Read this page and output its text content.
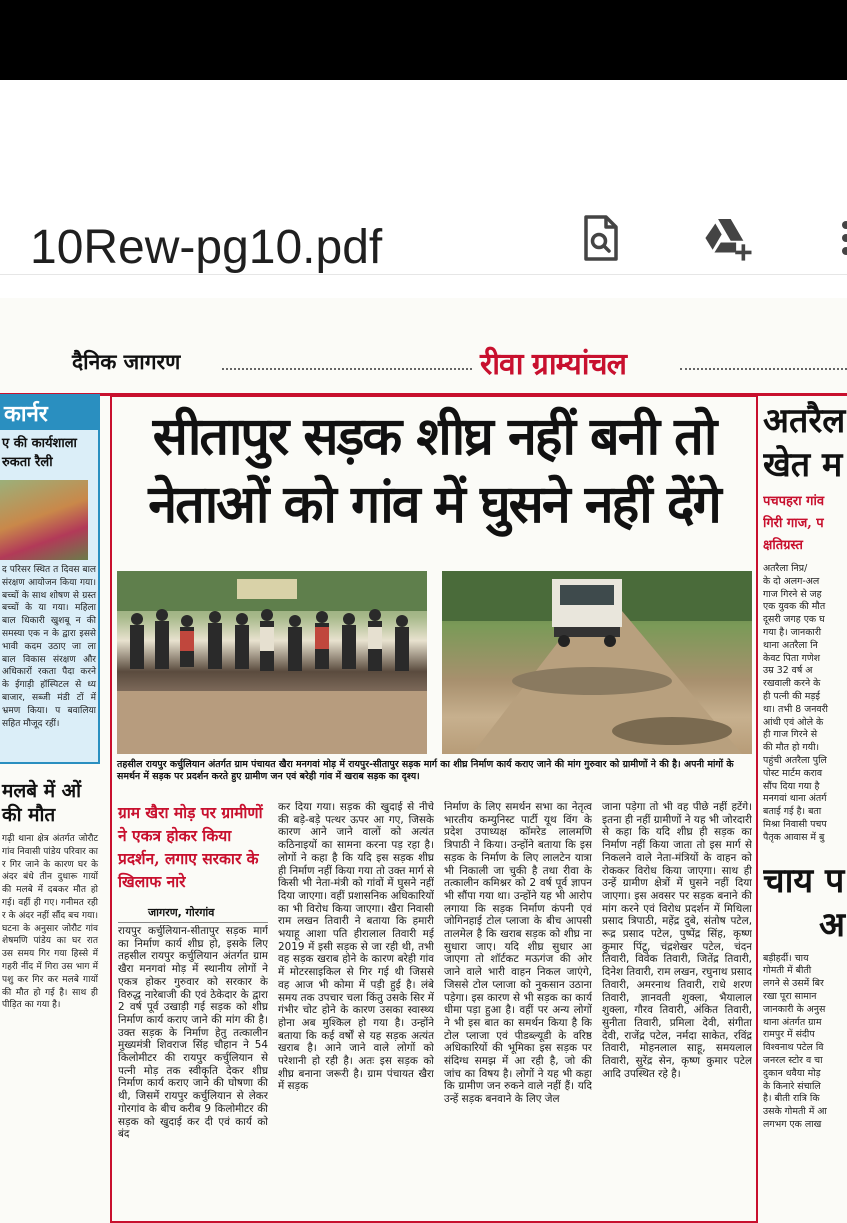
10Rew-pg10.pdf
दैनिक जागरण	रीवा ग्राम्यांचल
कार्नर
ए की कार्यशाला रुकता रैली
द परिसर स्थित त दिवस बाल संरक्षण आयोजन किया गया। बच्चों के साथ शोषण से ग्रस्त बच्चों के या गया। महिला बाल धिकारी खुशबू न की समस्या एक न के द्वारा इससे भावी कदम उठाए जा ला बाल विकास संरक्षण और अधिकारों रकता पैदा करने के ईगाड़ी हॉस्पिटल से ध्य बाजार, सब्जी मंडी टों में भ्रमण किया। प बवालिया सहित मौजूद रहीं।
मलबे में ओं की मौत
गढ़ी थाना क्षेत्र अंतर्गत जोरौट गांव निवासी पांडेय परिवार का र गिर जाने के कारण घर के अंदर बंधे तीन दुधारू गायों की मलबे में दबकर मौत हो गई। वहीं ही गए। गनीमत रही र के अंदर नहीं सौंद बच गया। घटना के अनुसार जोरौट गांव शेषमणि पांडेय का घर रात उस समय गिर गया हिस्से में गहरी नींद में गिरा उस भाग में पशु कर गिर कर मलबे गायों की मौत हो गई है। साथ ही पीड़ित का गया है।
सीतापुर सड़क शीघ्र नहीं बनी तो
नेताओं को गांव में घुसने नहीं देंगे
तहसील रायपुर कर्चुलियान अंतर्गत ग्राम पंचायत खैरा मनगवां मोड़ में रायपुर-सीतापुर सड़क मार्ग का शीघ्र निर्माण कार्य कराए जाने की मांग गुरुवार को ग्रामीणों ने की है। अपनी मांगों के समर्थन में सड़क पर प्रदर्शन करते हुए ग्रामीण जन एवं बरेही गांव में खराब सड़क का दृश्य।
ग्राम खैरा मोड़ पर ग्रामीणों ने एकत्र होकर किया प्रदर्शन, लगाए सरकार के खिलाफ नारे
जागरण, गोरगांव
रायपुर कर्चुलियान-सीतापुर सड़क मार्ग का निर्माण कार्य शीघ्र हो, इसके लिए तहसील रायपुर कर्चुलियान अंतर्गत ग्राम खैरा मनगवां मोड़ में स्थानीय लोगों ने एकत्र होकर गुरुवार को सरकार के विरुद्ध नारेबाजी की एवं ठेकेदार के द्वारा 2 वर्ष पूर्व उखाड़ी गई सड़क को शीघ्र निर्माण कार्य कराए जाने की मांग की है। उक्त सड़क के निर्माण हेतु तत्कालीन मुख्यमंत्री शिवराज सिंह चौहान ने 54 किलोमीटर की रायपुर कर्चुलियान से पत्नी मोड़ तक स्वीकृति देकर शीघ्र निर्माण कार्य कराए जाने की घोषणा की थी, जिसमें रायपुर कर्चुलियान से लेकर गोरगांव के बीच करीब 9 किलोमीटर की सड़क को खुदाई कर दी एवं कार्य को बंद
कर दिया गया। सड़क की खुदाई से नीचे की बड़े-बड़े पत्थर ऊपर आ गए, जिसके कारण आने जाने वालों को अत्यंत कठिनाइयों का सामना करना पड़ रहा है। लोगों ने कहा है कि यदि इस सड़क शीघ्र ही निर्माण नहीं किया गया तो उक्त मार्ग से किसी भी नेता-मंत्री को गांवों में घुसने नहीं दिया जाएगा। वहीं प्रशासनिक अधिकारियों का भी विरोध किया जाएगा। खैरा निवासी राम लखन तिवारी ने बताया कि हमारी भयाहू आशा पति हीरालाल तिवारी मई 2019 में इसी सड़क से जा रही थी, तभी वह सड़क खराब होने के कारण बरेही गांव में मोटरसाइकिल से गिर गई थी जिससे वह आज भी कोमा में पड़ी हुई है। लंबे समय तक उपचार चला किंतु उसके सिर में गंभीर चोट होने के कारण उसका स्वास्थ्य होना अब मुश्किल हो गया है। उन्होंने बताया कि कई वर्षों से यह सड़क अत्यंत खराब है। आने जाने वाले लोगों को परेशानी हो रही है। अतः इस सड़क को शीघ्र बनाना जरूरी है। ग्राम पंचायत खैरा में सड़क
निर्माण के लिए समर्थन सभा का नेतृत्व भारतीय कम्युनिस्ट पार्टी यूथ विंग के प्रदेश उपाध्यक्ष कॉमरेड लालमणि त्रिपाठी ने किया। उन्होंने बताया कि इस सड़क के निर्माण के लिए लालटेन यात्रा भी निकाली जा चुकी है तथा रीवा के तत्कालीन कमिश्नर को 2 वर्ष पूर्व ज्ञापन भी सौंपा गया था। उन्होंने यह भी आरोप लगाया कि सड़क निर्माण कंपनी एवं जोगिनहाई टोल प्लाजा के बीच आपसी तालमेल है कि खराब सड़क को शीघ्र ना सुधारा जाए। यदि शीघ्र सुधार आ जाएगा तो शॉर्टकट मऊगंज की ओर जाने वाले भारी वाहन निकल जाएंगे, जिससे टोल प्लाजा को नुकसान उठाना पड़ेगा। इस कारण से भी सड़क का कार्य धीमा पड़ा हुआ है। वहीं पर अन्य लोगों ने भी इस बात का समर्थन किया है कि टोल प्लाजा एवं पीडब्ल्यूडी के वरिष्ठ अधिकारियों की भूमिका इस सड़क पर संदिग्ध समझ में आ रही है, जो की जांच का विषय है। लोगों ने यह भी कहा कि ग्रामीण जन रुकने वाले नहीं हैं। यदि उन्हें सड़क बनवाने के लिए जेल
जाना पड़ेगा तो भी वह पीछे नहीं हटेंगे। इतना ही नहीं ग्रामीणों ने यह भी जोरदारी से कहा कि यदि शीघ्र ही सड़क का निर्माण नहीं किया जाता तो इस मार्ग से निकलने वाले नेता-मंत्रियों के वाहन को रोककर विरोध किया जाएगा। साथ ही उन्हें ग्रामीण क्षेत्रों में घुसने नहीं दिया जाएगा। इस अवसर पर सड़क बनाने की मांग करने एवं विरोध प्रदर्शन में मिथिला प्रसाद त्रिपाठी, महेंद्र दुबे, संतोष पटेल, रूद्र प्रसाद पटेल, पुष्पेंद्र सिंह, कृष्ण कुमार पिंटू, चंद्रशेखर पटेल, चंदन तिवारी, विवेक तिवारी, जितेंद्र तिवारी, दिनेश तिवारी, राम लखन, रघुनाथ प्रसाद तिवारी, अमरनाथ तिवारी, राधे शरण तिवारी, ज्ञानवती शुक्ला, भैयालाल शुक्ला, गौरव तिवारी, अंकित तिवारी, सुनीता तिवारी, प्रमिला देवी, संगीता देवी, राजेंद्र पटेल, नर्मदा साकेत, रविंद्र तिवारी, मोहनलाल साहू, समयलाल तिवारी, सुरेंद्र सेन, कृष्ण कुमार पटेल आदि उपस्थित रहे है।
अतरैल
खेत म
पचपहरा गांव
गिरी गाज, प
क्षतिग्रस्त
अतरैला निप्र/
के दो अलग-अल
गाज गिरने से जह
एक युवक की मौत
दूसरी जगह एक घ
गया है। जानकारी
थाना अतरैला नि
केवट पिता गणेश
उम्र 32 वर्ष अ
रखवाली करने के
ही पत्नी की मड़ई
था। तभी 8 जनवरी
आंधी एवं ओले के
ही गाज गिरने से
की मौत हो गयी।
पहुंची अतरैला पुलि
पोस्ट मार्टम कराव
सौंप दिया गया है
मनगवां थाना अंतर्ग
बताई गई है। बता
मिश्रा निवासी पचप
पैतृक आवास में बु
चाय प
अ
बड़ीहर्दी। चाय
गोमती में बीती
लगने से उसमें बिर
रखा पूरा सामान
जानकारी के अनुस
थाना अंतर्गत ग्राम
रामपुर में संदीप
विश्वनाथ पटेल वि
जनरल स्टोर व चा
दुकान धवैया मोड़
के किनारे संचालि
है। बीती रात्रि कि
उसके गोमती में आ
लगभग एक लाख
